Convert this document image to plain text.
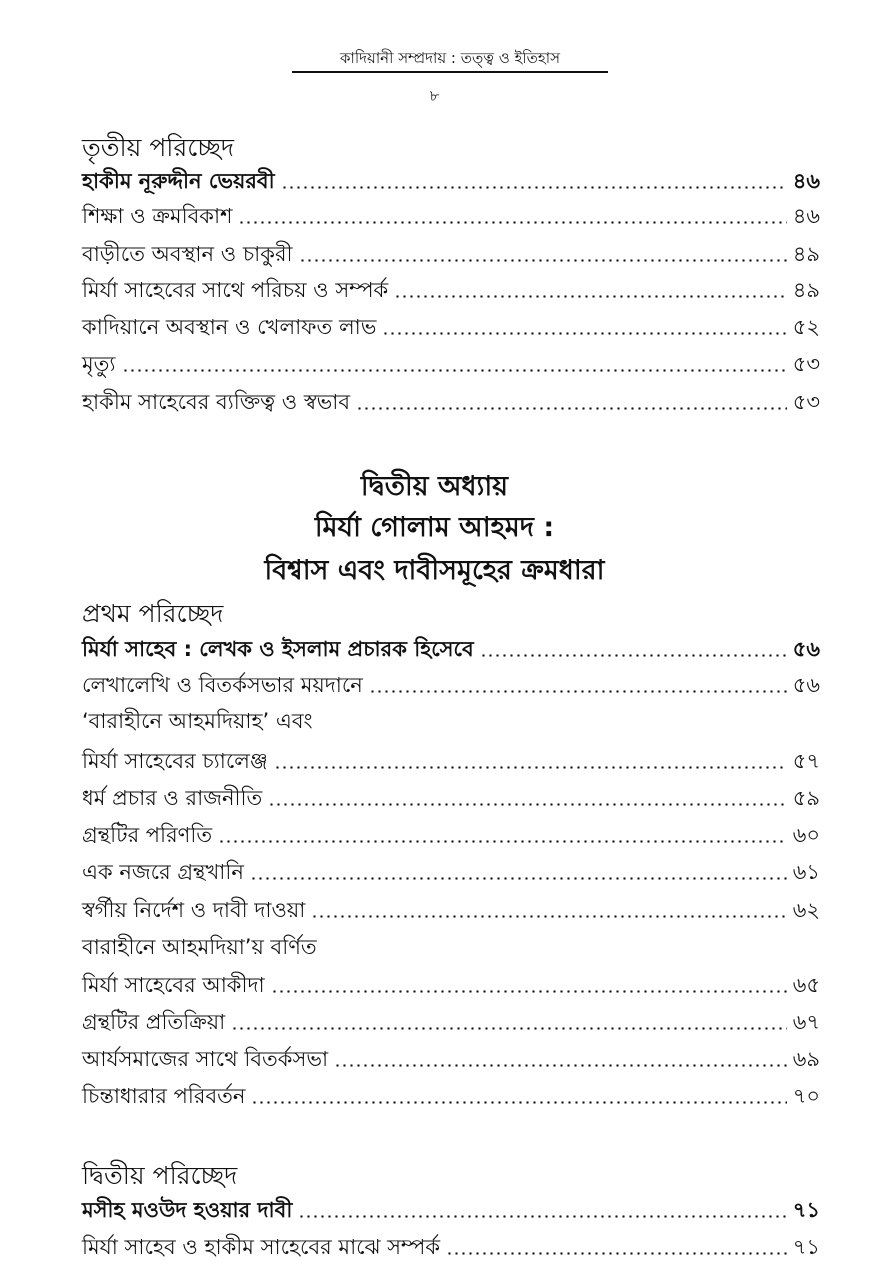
কাদিয়ানী সম্প্রদায় : তত্ত্ব ও ইতিহাস
৮
তৃতীয় পরিচ্ছেদ
হাকীম নূরুদ্দীন ভেয়রবী	৪৬
শিক্ষা ও ক্রমবিকাশ	৪৬
বাড়ীতে অবস্থান ও চাকুরী	৪৯
মির্যা সাহেবের সাথে পরিচয় ও সম্পর্ক	৪৯
কাদিয়ানে অবস্থান ও খেলাফত লাভ	৫২
মৃত্যু	৫৩
হাকীম সাহেবের ব্যক্তিত্ব ও স্বভাব	৫৩
দ্বিতীয় অধ্যায়
মির্যা গোলাম আহমদ :
বিশ্বাস এবং দাবীসমূহের ক্রমধারা
প্রথম পরিচ্ছেদ
মির্যা সাহেব : লেখক ও ইসলাম প্রচারক হিসেবে	৫৬
লেখালেখি ও বিতর্কসভার ময়দানে	৫৬
‘বারাহীনে আহমদিয়াহ’ এবং
মির্যা সাহেবের চ্যালেঞ্জ	৫৭
ধর্ম প্রচার ও রাজনীতি	৫৯
গ্রন্থটির পরিণতি	৬০
এক নজরে গ্রন্থখানি	৬১
স্বর্গীয় নির্দেশ ও দাবী দাওয়া	৬২
বারাহীনে আহমদিয়া’য় বর্ণিত
মির্যা সাহেবের আকীদা	৬৫
গ্রন্থটির প্রতিক্রিয়া	৬৭
আর্যসমাজের সাথে বিতর্কসভা	৬৯
চিন্তাধারার পরিবর্তন	৭০
দ্বিতীয় পরিচ্ছেদ
মসীহ মওউদ হওয়ার দাবী	৭১
মির্যা সাহেব ও হাকীম সাহেবের মাঝে সম্পর্ক	৭১
